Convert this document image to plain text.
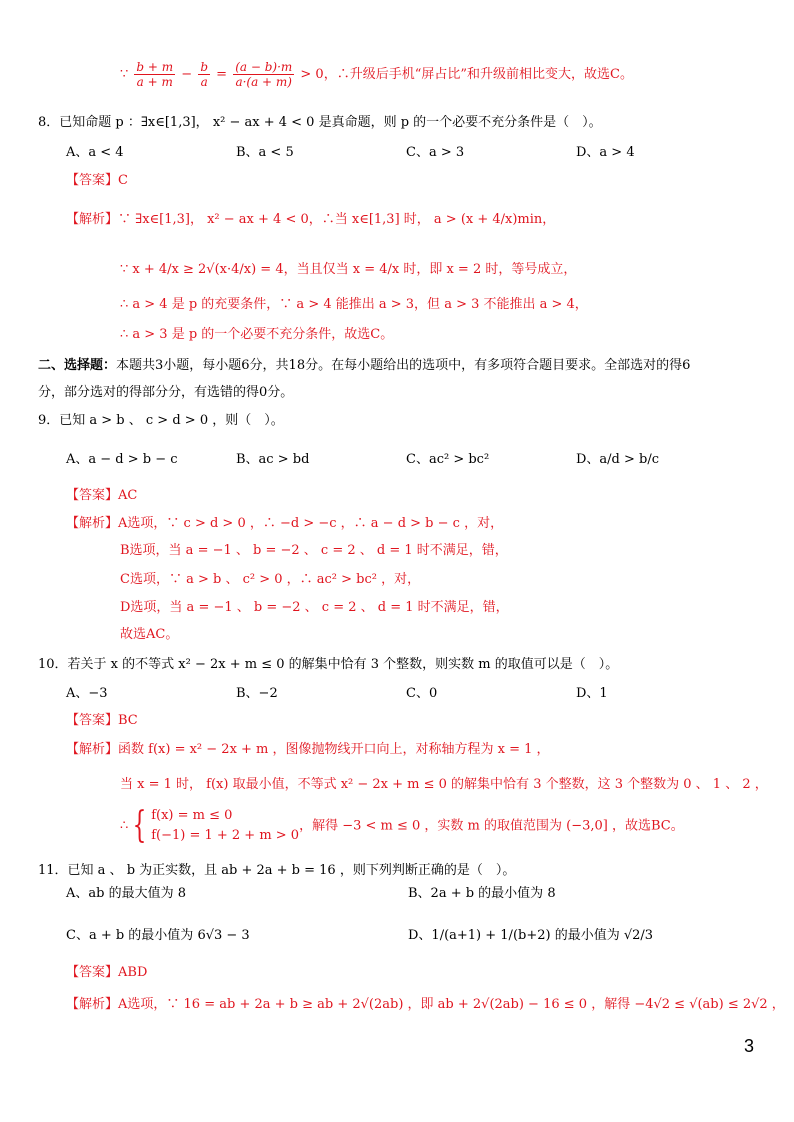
∵ $\frac{b + m}{a + m} - \frac{b}{a} = \frac{(a - b)\cdot m}{a\cdot(a + m)} > 0$，∴升级后手机“屏占比”和升级前相比变大，故选C。
8．已知命题 p ：∃x∈[1,3]， x² − ax + 4 < 0 是真命题，则 p 的一个必要不充分条件是（　）。
A、a < 4	B、a < 5	C、a > 3	D、a > 4
【答案】C
【解析】∵ ∃x∈[1,3]， x² − ax + 4 < 0，∴当 x∈[1,3] 时， a > (x + 4/x)min，
∵ x + 4/x ≥ 2√(x·4/x) = 4，当且仅当 x = 4/x 时，即 x = 2 时，等号成立，
∴ a > 4 是 p 的充要条件，∵ a > 4 能推出 a > 3，但 a > 3 不能推出 a > 4，
∴ a > 3 是 p 的一个必要不充分条件，故选C。
二、选择题：本题共3小题，每小题6分，共18分。在每小题给出的选项中，有多项符合题目要求。全部选对的得6
分，部分选对的得部分分，有选错的得0分。
9．已知 a > b 、 c > d > 0 ，则（　）。
A、a − d > b − c	B、ac > bd	C、ac² > bc²	D、a/d > b/c
【答案】AC
【解析】A选项，∵ c > d > 0 ，∴ −d > −c ，∴ a − d > b − c ，对，
B选项，当 a = −1 、 b = −2 、 c = 2 、 d = 1 时不满足，错，
C选项，∵ a > b 、 c² > 0 ，∴ ac² > bc² ，对，
D选项，当 a = −1 、 b = −2 、 c = 2 、 d = 1 时不满足，错，
故选AC。
10．若关于 x 的不等式 x² − 2x + m ≤ 0 的解集中恰有 3 个整数，则实数 m 的取值可以是（　）。
A、−3	B、−2	C、0	D、1
【答案】BC
【解析】函数 f(x) = x² − 2x + m ，图像抛物线开口向上，对称轴方程为 x = 1 ，
当 x = 1 时， f(x) 取最小值，不等式 x² − 2x + m ≤ 0 的解集中恰有 3 个整数，这 3 个整数为 0 、 1 、 2 ，
∴ { f(x) = m ≤ 0
f(−1) = 1 + 2 + m > 0
，解得 −3 < m ≤ 0 ，实数 m 的取值范围为 (−3,0] ，故选BC。
11．已知 a 、 b 为正实数，且 ab + 2a + b = 16 ，则下列判断正确的是（　）。
A、ab 的最大值为 8	B、2a + b 的最小值为 8
C、a + b 的最小值为 6√3 − 3	D、1/(a+1) + 1/(b+2) 的最小值为 √2/3
【答案】ABD
【解析】A选项，∵ 16 = ab + 2a + b ≥ ab + 2√(2ab) ，即 ab + 2√(2ab) − 16 ≤ 0 ，解得 −4√2 ≤ √(ab) ≤ 2√2 ，
3
